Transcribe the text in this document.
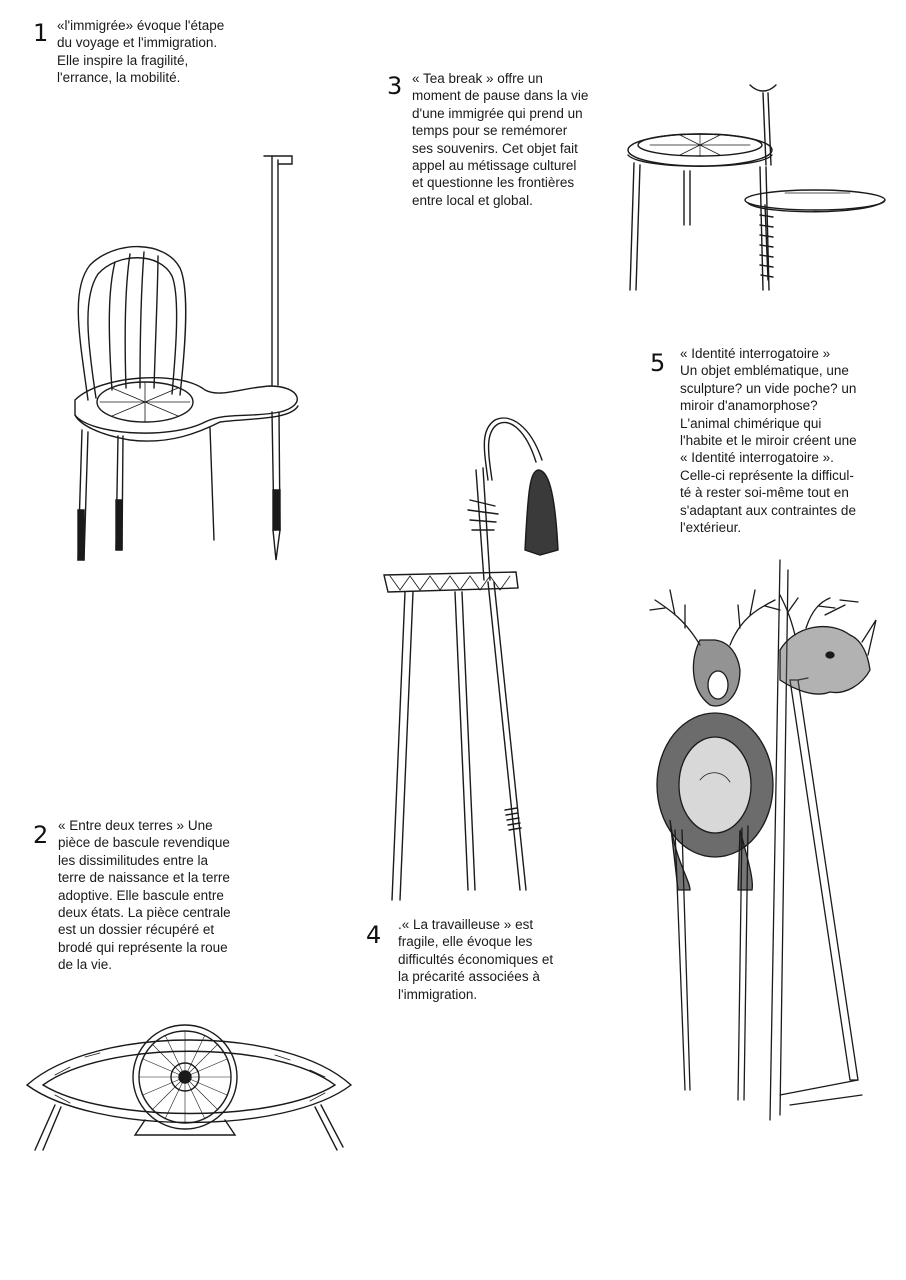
1 «l'immigrée» évoque l'étape
du voyage et l'immigration.
Elle inspire la fragilité,
l'errance, la mobilité.	3 « Tea break » offre un
moment de pause dans la vie
d'une immigrée qui prend un
temps pour se remémorer
ses souvenirs. Cet objet fait
appel au métissage culturel
et questionne les frontières
entre local et global.

5 « Identité interrogatoire »
Un objet emblématique, une
sculpture? un vide poche? un
miroir d'anamorphose?
L'animal chimérique qui
l'habite et le miroir créent une
« Identité interrogatoire ».
Celle-ci représente la difficul-
té à rester soi-même tout en
s'adaptant aux contraintes de
l'extérieur.

4 .« La travailleuse » est
fragile, elle évoque les
difficultés économiques et
la précarité associées à
l'immigration.

2 « Entre deux terres » Une
pièce de bascule revendique
les dissimilitudes entre la
terre de naissance et la terre
adoptive. Elle bascule entre
deux états. La pièce centrale
est un dossier récupéré et
brodé qui représente la roue
de la vie.
